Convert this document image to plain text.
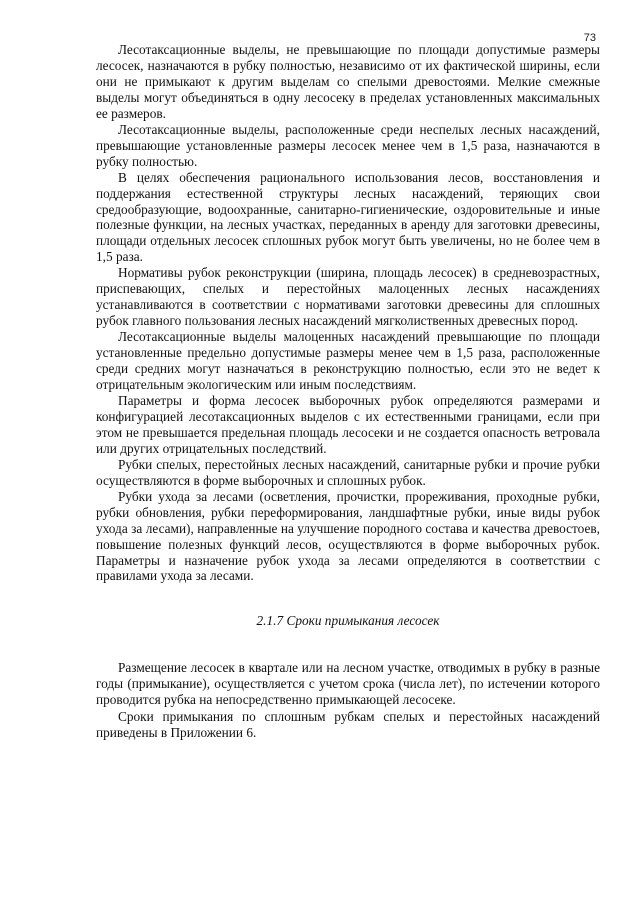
73

Лесотаксационные выделы, не превышающие по площади допустимые размеры лесосек, назначаются в рубку полностью, независимо от их фактической ширины, если они не примыкают к другим выделам со спелыми древостоями. Мелкие смежные выделы могут объединяться в одну лесосеку в пределах установленных максимальных ее размеров.

Лесотаксационные выделы, расположенные среди неспелых лесных насаждений, превышающие установленные размеры лесосек менее чем в 1,5 раза, назначаются в рубку полностью.

В целях обеспечения рационального использования лесов, восстановления и поддержания естественной структуры лесных насаждений, теряющих свои средообразующие, водоохранные, санитарно-гигиенические, оздоровительные и иные полезные функции, на лесных участках, переданных в аренду для заготовки древесины, площади отдельных лесосек сплошных рубок могут быть увеличены, но не более чем в 1,5 раза.

Нормативы рубок реконструкции (ширина, площадь лесосек) в средневозрастных, приспевающих, спелых и перестойных малоценных лесных насаждениях устанавливаются в соответствии с нормативами заготовки древесины для сплошных рубок главного пользования лесных насаждений мягколиственных древесных пород.

Лесотаксационные выделы малоценных насаждений превышающие по площади установленные предельно допустимые размеры менее чем в 1,5 раза, расположенные среди средних могут назначаться в реконструкцию полностью, если это не ведет к отрицательным экологическим или иным последствиям.

Параметры и форма лесосек выборочных рубок определяются размерами и конфигурацией лесотаксационных выделов с их естественными границами, если при этом не превышается предельная площадь лесосеки и не создается опасность ветровала или других отрицательных последствий.

Рубки спелых, перестойных лесных насаждений, санитарные рубки и прочие рубки осуществляются в форме выборочных и сплошных рубок.

Рубки ухода за лесами (осветления, прочистки, прореживания, проходные рубки, рубки обновления, рубки переформирования, ландшафтные рубки, иные виды рубок ухода за лесами), направленные на улучшение породного состава и качества древостоев, повышение полезных функций лесов, осуществляются в форме выборочных рубок. Параметры и назначение рубок ухода за лесами определяются в соответствии с правилами ухода за лесами.

2.1.7 Сроки примыкания лесосек

Размещение лесосек в квартале или на лесном участке, отводимых в рубку в разные годы (примыкание), осуществляется с учетом срока (числа лет), по истечении которого проводится рубка на непосредственно примыкающей лесосеке.

Сроки примыкания по сплошным рубкам спелых и перестойных насаждений приведены в Приложении 6.
